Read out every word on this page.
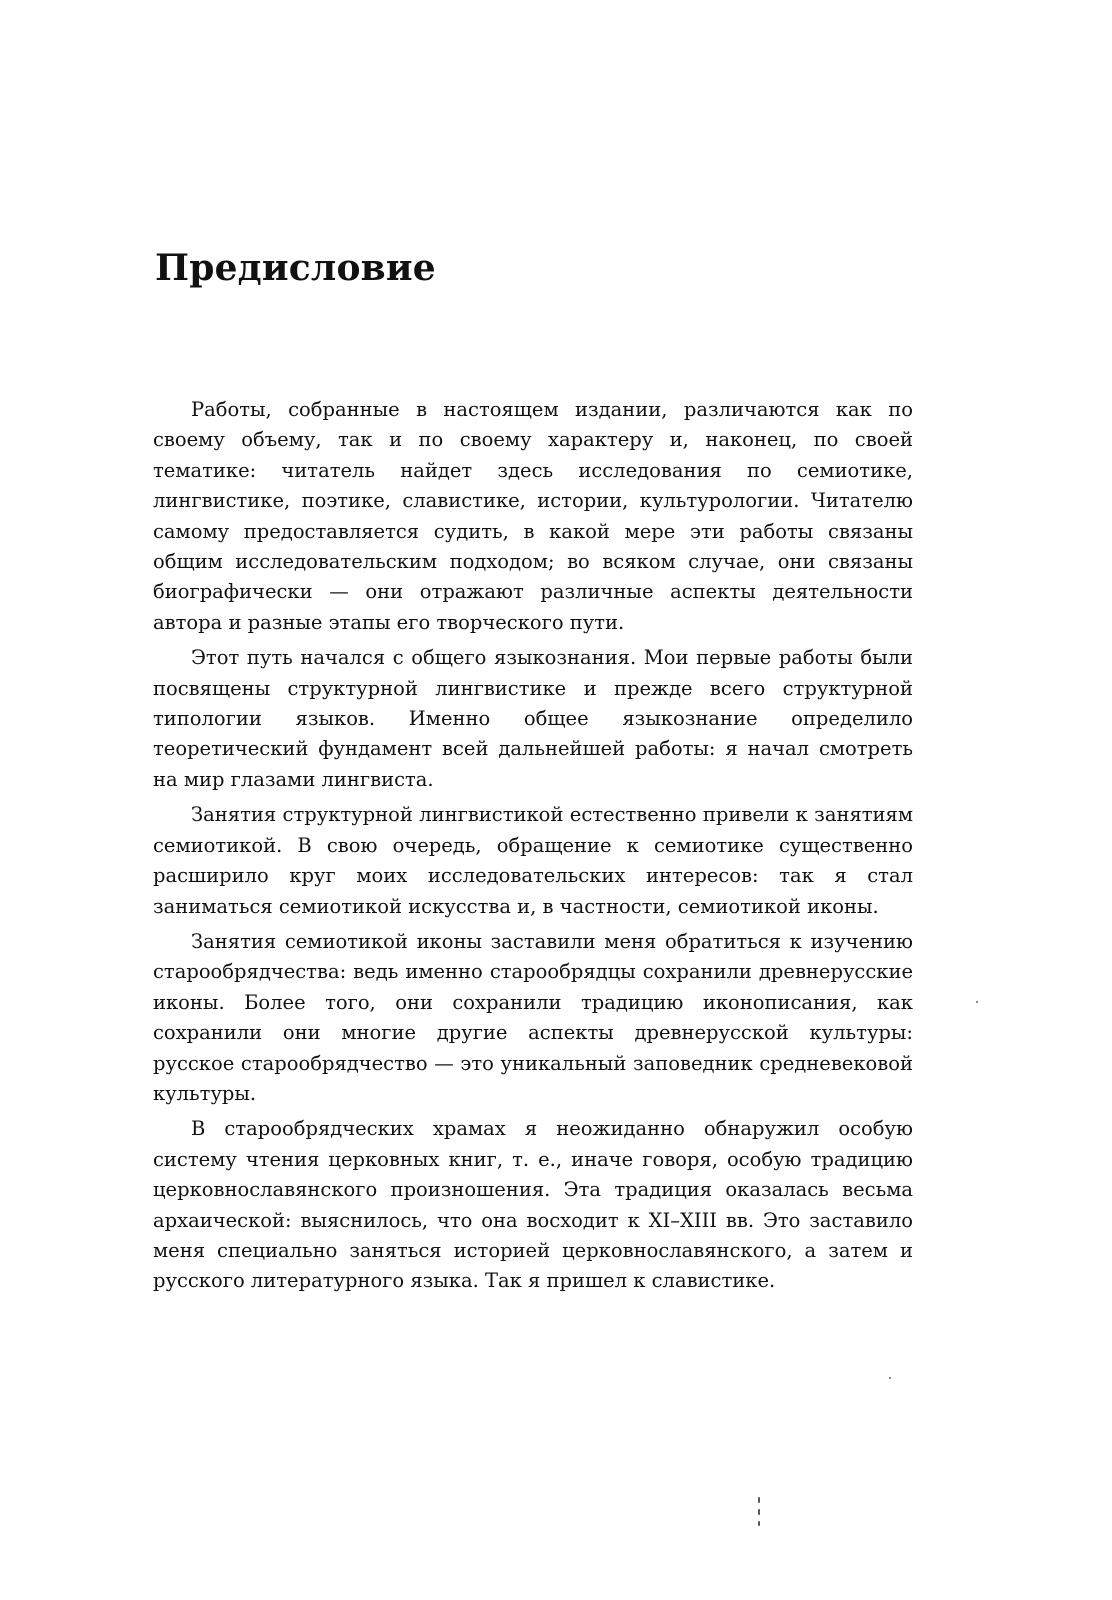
Предисловие

Работы, собранные в настоящем издании, различаются как по своему объему, так и по своему характеру и, наконец, по своей тематике: читатель найдет здесь исследования по семиотике, лингвистике, поэтике, славистике, истории, культурологии. Читателю самому предоставляется судить, в какой мере эти работы связаны общим исследовательским подходом; во всяком случае, они связаны биографически — они отражают различные аспекты деятельности автора и разные этапы его творческого пути.

Этот путь начался с общего языкознания. Мои первые работы были посвящены структурной лингвистике и прежде всего структурной типологии языков. Именно общее языкознание определило теоретический фундамент всей дальнейшей работы: я начал смотреть на мир глазами лингвиста.

Занятия структурной лингвистикой естественно привели к занятиям семиотикой. В свою очередь, обращение к семиотике существенно расширило круг моих исследовательских интересов: так я стал заниматься семиотикой искусства и, в частности, семиотикой иконы.

Занятия семиотикой иконы заставили меня обратиться к изучению старообрядчества: ведь именно старообрядцы сохранили древнерусские иконы. Более того, они сохранили традицию иконописания, как сохранили они многие другие аспекты древнерусской культуры: русское старообрядчество — это уникальный заповедник средневековой культуры.

В старообрядческих храмах я неожиданно обнаружил особую систему чтения церковных книг, т. е., иначе говоря, особую традицию церковнославянского произношения. Эта традиция оказалась весьма архаической: выяснилось, что она восходит к XI–XIII вв. Это заставило меня специально заняться историей церковнославянского, а затем и русского литературного языка. Так я пришел к славистике.
